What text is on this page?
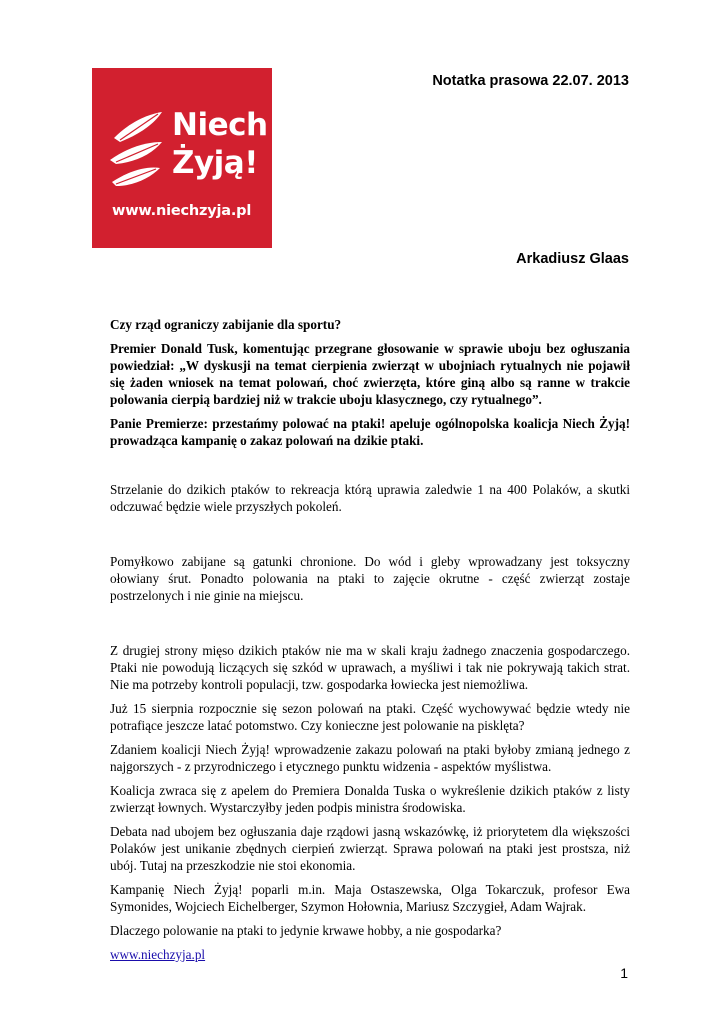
Niech
Żyją!
www.niechzyja.pl
Notatka prasowa 22.07. 2013
Arkadiusz Glaas

Czy rząd ograniczy zabijanie dla sportu?

Premier Donald Tusk, komentując przegrane głosowanie w sprawie uboju bez ogłuszania powiedział: „W dyskusji na temat cierpienia zwierząt w ubojniach rytualnych nie pojawił się żaden wniosek na temat polowań, choć zwierzęta, które giną albo są ranne w trakcie polowania cierpią bardziej niż w trakcie uboju klasycznego, czy rytualnego”.

Panie Premierze: przestańmy polować na ptaki! apeluje ogólnopolska koalicja Niech Żyją! prowadząca kampanię o zakaz polowań na dzikie ptaki.

Strzelanie do dzikich ptaków to rekreacja którą uprawia zaledwie 1 na 400 Polaków, a skutki odczuwać będzie wiele przyszłych pokoleń.

Pomyłkowo zabijane są gatunki chronione. Do wód i gleby wprowadzany jest toksyczny ołowiany śrut. Ponadto polowania na ptaki to zajęcie okrutne - część zwierząt zostaje postrzelonych i nie ginie na miejscu.

Z drugiej strony mięso dzikich ptaków nie ma w skali kraju żadnego znaczenia gospodarczego. Ptaki nie powodują liczących się szkód w uprawach, a myśliwi i tak nie pokrywają takich strat. Nie ma potrzeby kontroli populacji, tzw. gospodarka łowiecka jest niemożliwa.

Już 15 sierpnia rozpocznie się sezon polowań na ptaki. Część wychowywać będzie wtedy nie potrafiące jeszcze latać potomstwo. Czy konieczne jest polowanie na pisklęta?

Zdaniem koalicji Niech Żyją! wprowadzenie zakazu polowań na ptaki byłoby zmianą jednego z najgorszych - z przyrodniczego i etycznego punktu widzenia - aspektów myślistwa.

Koalicja zwraca się z apelem do Premiera Donalda Tuska o wykreślenie dzikich ptaków z listy zwierząt łownych. Wystarczyłby jeden podpis ministra środowiska.

Debata nad ubojem bez ogłuszania daje rządowi jasną wskazówkę, iż priorytetem dla większości Polaków jest unikanie zbędnych cierpień zwierząt. Sprawa polowań na ptaki jest prostsza, niż ubój. Tutaj na przeszkodzie nie stoi ekonomia.

Kampanię Niech Żyją! poparli m.in. Maja Ostaszewska, Olga Tokarczuk, profesor Ewa Symonides, Wojciech Eichelberger, Szymon Hołownia, Mariusz Szczygieł, Adam Wajrak.

Dlaczego polowanie na ptaki to jedynie krwawe hobby, a nie gospodarka?

www.niechzyja.pl

1
